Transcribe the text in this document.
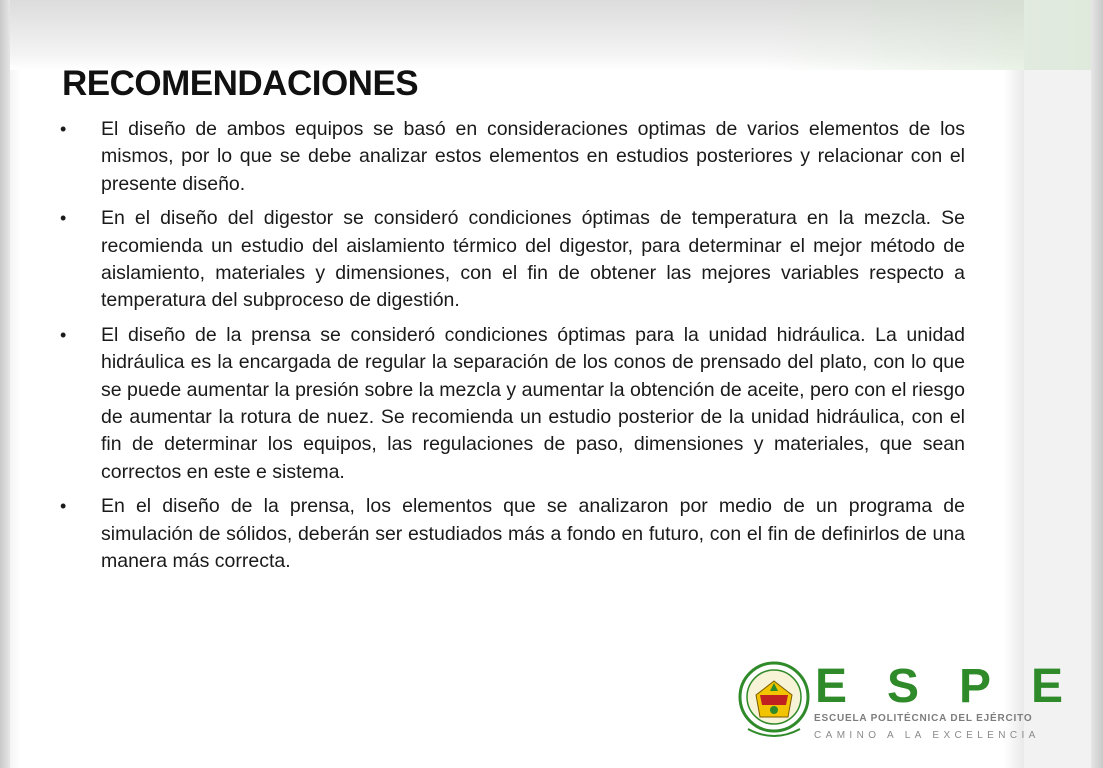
RECOMENDACIONES
• El diseño de ambos equipos se basó en consideraciones optimas de varios elementos de los mismos, por lo que se debe analizar estos elementos en estudios posteriores y relacionar con el presente diseño.
• En el diseño del digestor se consideró condiciones óptimas de temperatura en la mezcla. Se recomienda un estudio del aislamiento térmico del digestor, para determinar el mejor método de aislamiento, materiales y dimensiones, con el fin de obtener las mejores variables respecto a temperatura del subproceso de digestión.
• El diseño de la prensa se consideró condiciones óptimas para la unidad hidráulica. La unidad hidráulica es la encargada de regular la separación de los conos de prensado del plato, con lo que se puede aumentar la presión sobre la mezcla y aumentar la obtención de aceite, pero con el riesgo de aumentar la rotura de nuez. Se recomienda un estudio posterior de la unidad hidráulica, con el fin de determinar los equipos, las regulaciones de paso, dimensiones y materiales, que sean correctos en este e sistema.
• En el diseño de la prensa, los elementos que se analizaron por medio de un programa de simulación de sólidos, deberán ser estudiados más a fondo en futuro, con el fin de definirlos de una manera más correcta.
ESPE
ESCUELA POLITÉCNICA DEL EJÉRCITO
CAMINO A LA EXCELENCIA
